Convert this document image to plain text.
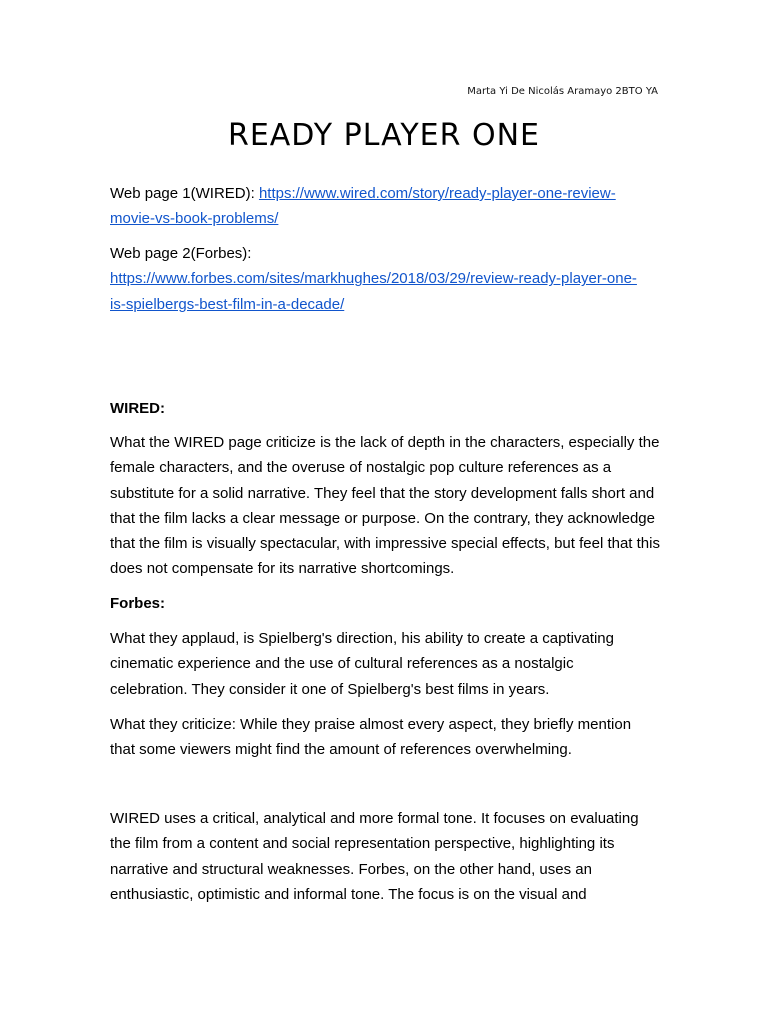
Marta Yi De Nicolás Aramayo 2BTO YA
READY PLAYER ONE

Web page 1(WIRED): https://www.wired.com/story/ready-player-one-review-
movie-vs-book-problems/

Web page 2(Forbes):
https://www.forbes.com/sites/markhughes/2018/03/29/review-ready-player-one-
is-spielbergs-best-film-in-a-decade/

WIRED:

What the WIRED page criticize is the lack of depth in the characters, especially the female characters, and the overuse of nostalgic pop culture references as a substitute for a solid narrative. They feel that the story development falls short and that the film lacks a clear message or purpose. On the contrary, they acknowledge that the film is visually spectacular, with impressive special effects, but feel that this does not compensate for its narrative shortcomings.

Forbes:

What they applaud, is Spielberg's direction, his ability to create a captivating cinematic experience and the use of cultural references as a nostalgic celebration. They consider it one of Spielberg's best films in years.

What they criticize: While they praise almost every aspect, they briefly mention that some viewers might find the amount of references overwhelming.

WIRED uses a critical, analytical and more formal tone. It focuses on evaluating the film from a content and social representation perspective, highlighting its narrative and structural weaknesses. Forbes, on the other hand, uses an enthusiastic, optimistic and informal tone. The focus is on the visual and
